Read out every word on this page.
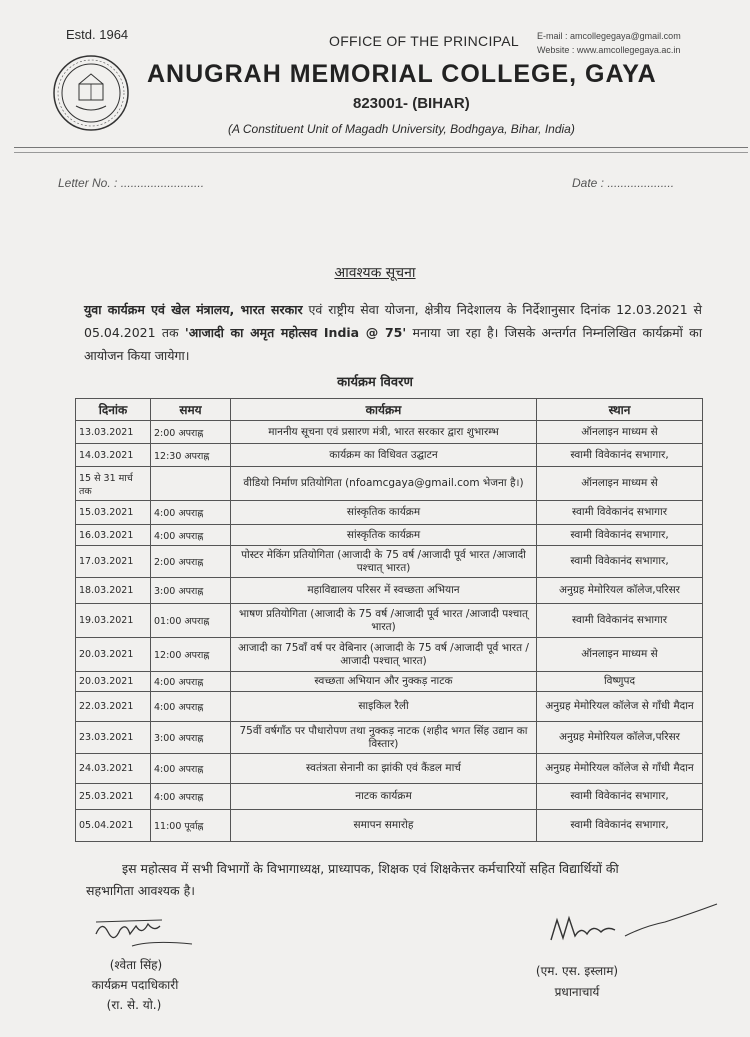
Estd. 1964	OFFICE OF THE PRINCIPAL E-mail : amcollegegaya@gmail.com
Website : www.amcollegegaya.ac.in
ANUGRAH MEMORIAL COLLEGE, GAYA
823001- (BIHAR)
(A Constituent Unit of Magadh University, Bodhgaya, Bihar, India)
Letter No. : .........................	Date : ....................
आवश्यक सूचना
युवा कार्यक्रम एवं खेल मंत्रालय, भारत सरकार एवं राष्ट्रीय सेवा योजना, क्षेत्रीय निदेशालय के निर्देशानुसार दिनांक 12.03.2021 से 05.04.2021 तक 'आजादी का अमृत महोत्सव India @ 75' मनाया जा रहा है। जिसके अन्तर्गत निम्नलिखित कार्यक्रमों का आयोजन किया जायेगा।
कार्यक्रम विवरण
दिनांक	समय	कार्यक्रम	स्थान
13.03.2021	2:00 अपराह्न	माननीय सूचना एवं प्रसारण मंत्री, भारत सरकार द्वारा शुभारम्भ	ऑनलाइन माध्यम से
14.03.2021	12:30 अपराह्न	कार्यक्रम का विधिवत उद्घाटन	स्वामी विवेकानंद सभागार,
15 से 31 मार्च तक		वीडियो निर्माण प्रतियोगिता (nfoamcgaya@gmail.com भेजना है।)	ऑनलाइन माध्यम से
15.03.2021	4:00 अपराह्न	सांस्कृतिक कार्यक्रम	स्वामी विवेकानंद सभागार
16.03.2021	4:00 अपराह्न	सांस्कृतिक कार्यक्रम	स्वामी विवेकानंद सभागार,
17.03.2021	2:00 अपराह्न	पोस्टर मेकिंग प्रतियोगिता (आजादी के 75 वर्ष /आजादी पूर्व भारत /आजादी पश्चात् भारत)	स्वामी विवेकानंद सभागार,
18.03.2021	3:00 अपराह्न	महाविद्यालय परिसर में स्वच्छता अभियान	अनुग्रह मेमोरियल कॉलेज,परिसर
19.03.2021	01:00 अपराह्न	भाषण प्रतियोगिता (आजादी के 75 वर्ष /आजादी पूर्व भारत /आजादी पश्चात् भारत)	स्वामी विवेकानंद सभागार
20.03.2021	12:00 अपराह्न	आजादी का 75वाँ वर्ष पर वेबिनार (आजादी के 75 वर्ष /आजादी पूर्व भारत /आजादी पश्चात् भारत)	ऑनलाइन माध्यम से
20.03.2021	4:00 अपराह्न	स्वच्छता अभियान और नुक्कड़ नाटक	विष्णुपद
22.03.2021	4:00 अपराह्न	साइकिल रैली	अनुग्रह मेमोरियल कॉलेज से गाँधी मैदान
23.03.2021	3:00 अपराह्न	75वीं वर्षगाँठ पर पौधारोपण तथा नुक्कड़ नाटक (शहीद भगत सिंह उद्यान का विस्तार)	अनुग्रह मेमोरियल कॉलेज,परिसर
24.03.2021	4:00 अपराह्न	स्वतंत्रता सेनानी का झांकी एवं कैंडल मार्च	अनुग्रह मेमोरियल कॉलेज से गाँधी मैदान
25.03.2021	4:00 अपराह्न	नाटक कार्यक्रम	स्वामी विवेकानंद सभागार,
05.04.2021	11:00 पूर्वाह्न	समापन समारोह	स्वामी विवेकानंद सभागार,
इस महोत्सव में सभी विभागों के विभागाध्यक्ष, प्राध्यापक, शिक्षक एवं शिक्षकेत्तर कर्मचारियों सहित विद्यार्थियों की सहभागिता आवश्यक है।
(श्वेता सिंह)
कार्यक्रम पदाधिकारी
(रा. से. यो.)
(एम. एस. इस्लाम)
प्रधानाचार्य
